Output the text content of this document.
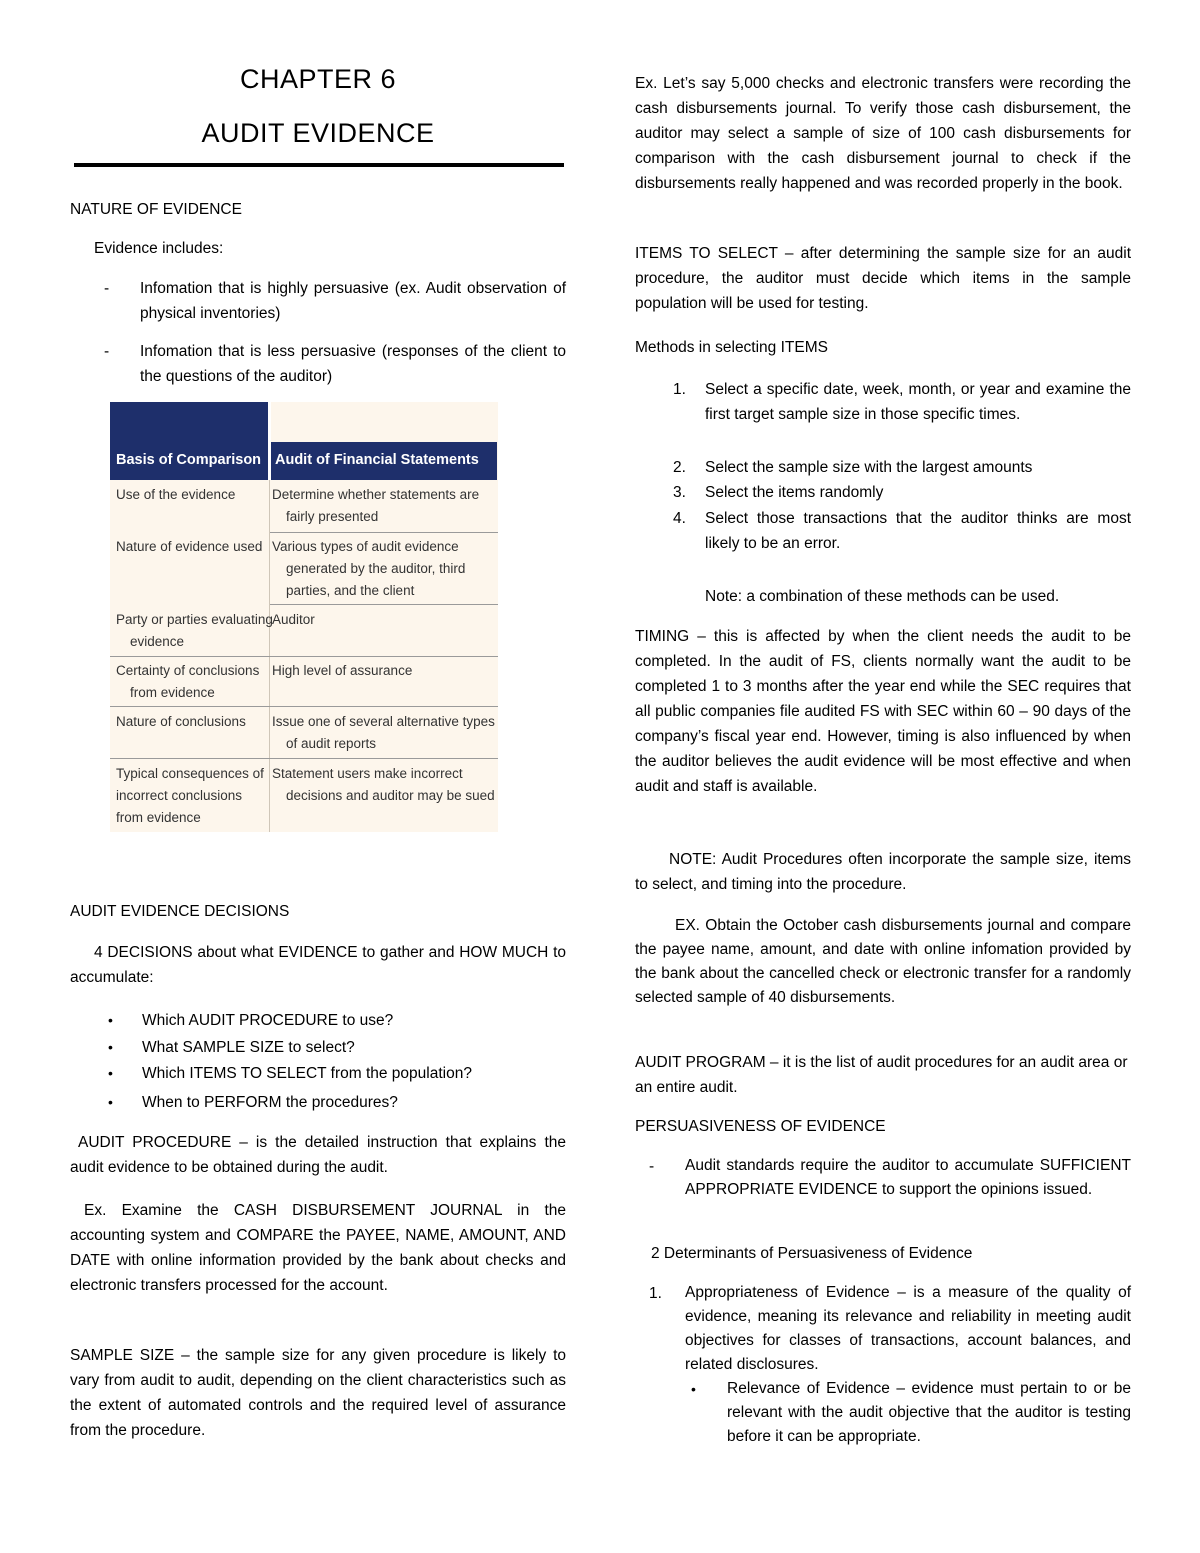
CHAPTER 6
AUDIT EVIDENCE

NATURE OF EVIDENCE

Evidence includes:

- Infomation that is highly persuasive (ex. Audit observation of physical inventories)

- Infomation that is less persuasive (responses of the client to the questions of the auditor)

Basis of Comparison Audit of Financial Statements
Use of the evidence	Determine whether statements are fairly presented
Nature of evidence used Various types of audit evidence generated by the auditor, third parties, and the client
Party or parties evaluating evidence
Auditor
Certainty of conclusions from evidence
High level of assurance
Nature of conclusions	Issue one of several alternative types of audit reports
Typical consequences of incorrect conclusions from evidence
Statement users make incorrect decisions and auditor may be sued

AUDIT EVIDENCE DECISIONS

4 DECISIONS about what EVIDENCE to gather and HOW MUCH to accumulate:

• Which AUDIT PROCEDURE to use?

• What SAMPLE SIZE to select?

• Which ITEMS TO SELECT from the population?

• When to PERFORM the procedures?

AUDIT PROCEDURE – is the detailed instruction that explains the audit evidence to be obtained during the audit.

Ex. Examine the CASH DISBURSEMENT JOURNAL in the accounting system and COMPARE the PAYEE, NAME, AMOUNT, AND DATE with online information provided by the bank about checks and electronic transfers processed for the account.

SAMPLE SIZE – the sample size for any given procedure is likely to vary from audit to audit, depending on the client characteristics such as the extent of automated controls and the required level of assurance from the procedure.

Ex. Let’s say 5,000 checks and electronic transfers were recording the cash disbursements journal. To verify those cash disbursement, the auditor may select a sample of size of 100 cash disbursements for comparison with the cash disbursement journal to check if the disbursements really happened and was recorded properly in the book.

ITEMS TO SELECT – after determining the sample size for an audit procedure, the auditor must decide which items in the sample population will be used for testing.

Methods in selecting ITEMS

1. Select a specific date, week, month, or year and examine the first target sample size in those specific times.

2. Select the sample size with the largest amounts

3. Select the items randomly

4. Select those transactions that the auditor thinks are most likely to be an error.

Note: a combination of these methods can be used.

TIMING – this is affected by when the client needs the audit to be completed. In the audit of FS, clients normally want the audit to be completed 1 to 3 months after the year end while the SEC requires that all public companies file audited FS with SEC within 60 – 90 days of the company’s fiscal year end. However, timing is also influenced by when the auditor believes the audit evidence will be most effective and when audit and staff is available.

NOTE: Audit Procedures often incorporate the sample size, items to select, and timing into the procedure.

EX. Obtain the October cash disbursements journal and compare the payee name, amount, and date with online infomation provided by the bank about the cancelled check or electronic transfer for a randomly selected sample of 40 disbursements.

AUDIT PROGRAM – it is the list of audit procedures for an audit area or an entire audit.

PERSUASIVENESS OF EVIDENCE

- Audit standards require the auditor to accumulate SUFFICIENT APPROPRIATE EVIDENCE to support the opinions issued.

2 Determinants of Persuasiveness of Evidence

1. Appropriateness of Evidence – is a measure of the quality of evidence, meaning its relevance and reliability in meeting audit objectives for classes of transactions, account balances, and related disclosures.

• Relevance of Evidence – evidence must pertain to or be relevant with the audit objective that the auditor is testing before it can be appropriate.
